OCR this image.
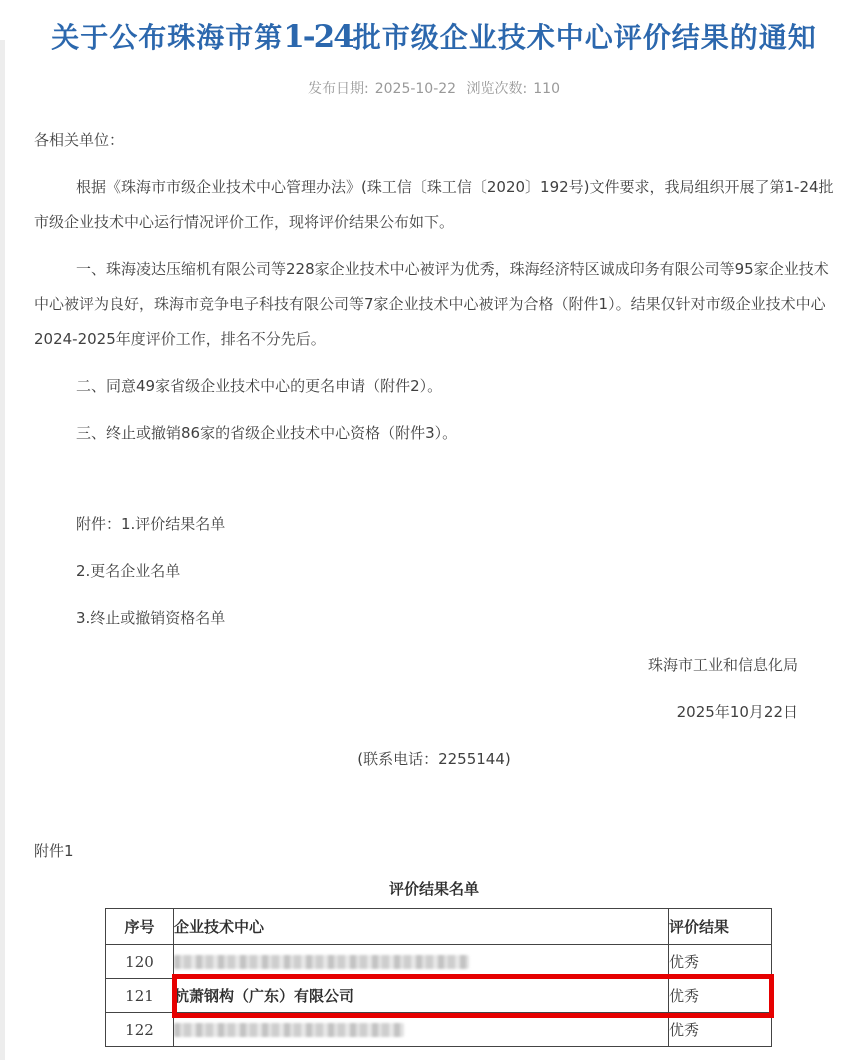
关于公布珠海市第1-24批市级企业技术中心评价结果的通知
发布日期: 2025-10-22 浏览次数: 110

各相关单位：

根据《珠海市市级企业技术中心管理办法》(珠工信〔珠工信〔2020〕192号)文件要求，我局组织开展了第1-24批市级企业技术中心运行情况评价工作，现将评价结果公布如下。

一、珠海凌达压缩机有限公司等228家企业技术中心被评为优秀，珠海经济特区诚成印务有限公司等95家企业技术中心被评为良好，珠海市竞争电子科技有限公司等7家企业技术中心被评为合格（附件1）。结果仅针对市级企业技术中心2024-2025年度评价工作，排名不分先后。

二、同意49家省级企业技术中心的更名申请（附件2）。

三、终止或撤销86家的省级企业技术中心资格（附件3）。

附件：1.评价结果名单

2.更名企业名单

3.终止或撤销资格名单

珠海市工业和信息化局

2025年10月22日

(联系电话：2255144)

附件1
评价结果名单
序号	企业技术中心	评价结果
120		优秀
121	杭萧钢构（广东）有限公司	优秀
122		优秀
